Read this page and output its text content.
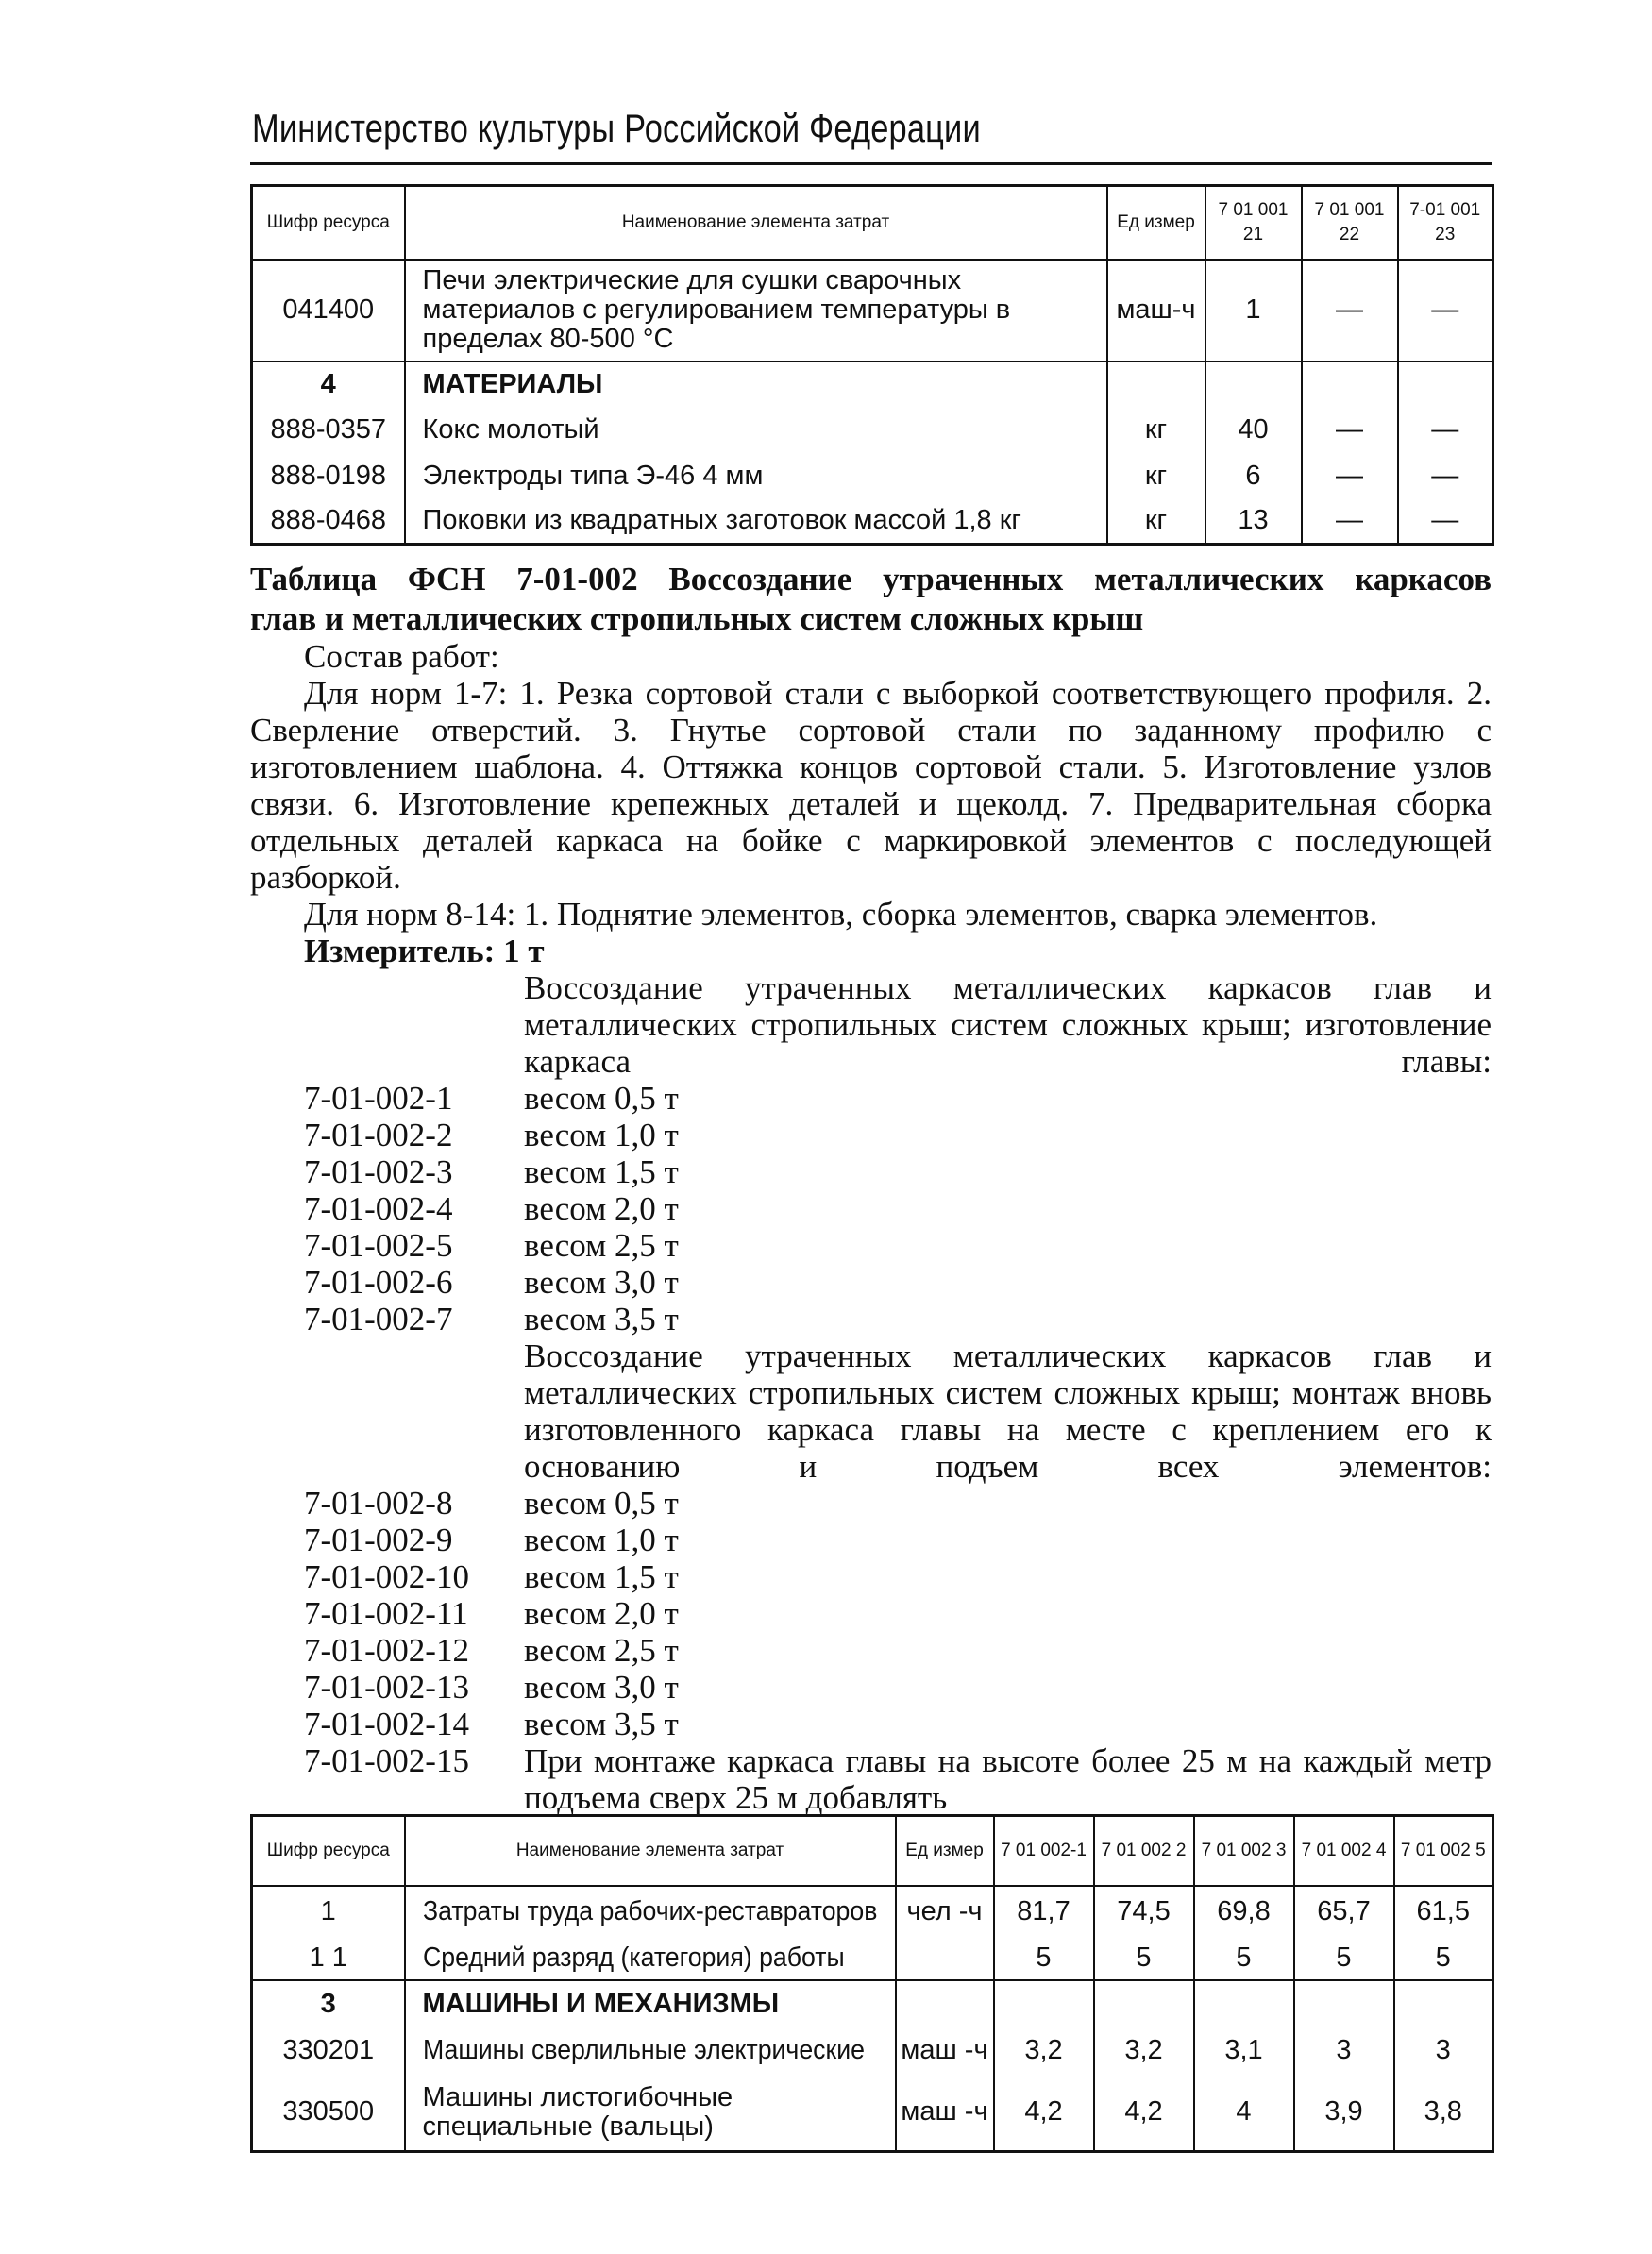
Министерство культуры Российской Федерации
Шифр ресурса	Наименование элемента затрат	Ед измер	7 01 001 21	7 01 001 22	7-01 001 23
041400	Печи электрические для сушки сварочных материалов с регулированием температуры в пределах 80-500 °С	маш-ч	1	—	—
4	МАТЕРИАЛЫ				
888-0357	Кокс молотый	кг	40	—	—
888-0198	Электроды типа Э-46 4 мм	кг	6	—	—
888-0468	Поковки из квадратных заготовок массой 1,8 кг	кг	13	—	—
Таблица ФСН 7-01-002 Воссоздание утраченных металлических каркасов
глав и металлических стропильных систем сложных крыш
Состав работ:
Для норм 1-7: 1. Резка сортовой стали с выборкой соответствующего профиля. 2. Сверление отверстий. 3. Гнутье сортовой стали по заданному профилю с изготовлением шаблона. 4. Оттяжка концов сортовой стали. 5. Изготовление узлов связи. 6. Изготовление крепежных деталей и щеколд. 7. Предварительная сборка отдельных деталей каркаса на бойке с маркировкой элементов с последующей разборкой.
Для норм 8-14: 1. Поднятие элементов, сборка элементов, сварка элементов.
Измеритель: 1 т
Воссоздание утраченных металлических каркасов глав и металлических стропильных систем сложных крыш; изготовление каркаса главы:
7-01-002-1	весом 0,5 т
7-01-002-2	весом 1,0 т
7-01-002-3	весом 1,5 т
7-01-002-4	весом 2,0 т
7-01-002-5	весом 2,5 т
7-01-002-6	весом 3,0 т
7-01-002-7	весом 3,5 т
Воссоздание утраченных металлических каркасов глав и металлических стропильных систем сложных крыш; монтаж вновь изготовленного каркаса главы на месте с креплением его к основанию и подъем всех элементов:
7-01-002-8	весом 0,5 т
7-01-002-9	весом 1,0 т
7-01-002-10	весом 1,5 т
7-01-002-11	весом 2,0 т
7-01-002-12	весом 2,5 т
7-01-002-13	весом 3,0 т
7-01-002-14	весом 3,5 т
7-01-002-15	При монтаже каркаса главы на высоте более 25 м на каждый метр подъема сверх 25 м добавлять
Шифр ресурса	Наименование элемента затрат	Ед измер	7 01 002-1	7 01 002 2	7 01 002 3	7 01 002 4	7 01 002 5
1	Затраты труда рабочих-реставраторов	чел -ч	81,7	74,5	69,8	65,7	61,5
1 1	Средний разряд (категория) работы		5	5	5	5	5
3	МАШИНЫ И МЕХАНИЗМЫ						
330201	Машины сверлильные электрические	маш -ч	3,2	3,2	3,1	3	3
330500	Машины листогибочные специальные (вальцы)	маш -ч	4,2	4,2	4	3,9	3,8
